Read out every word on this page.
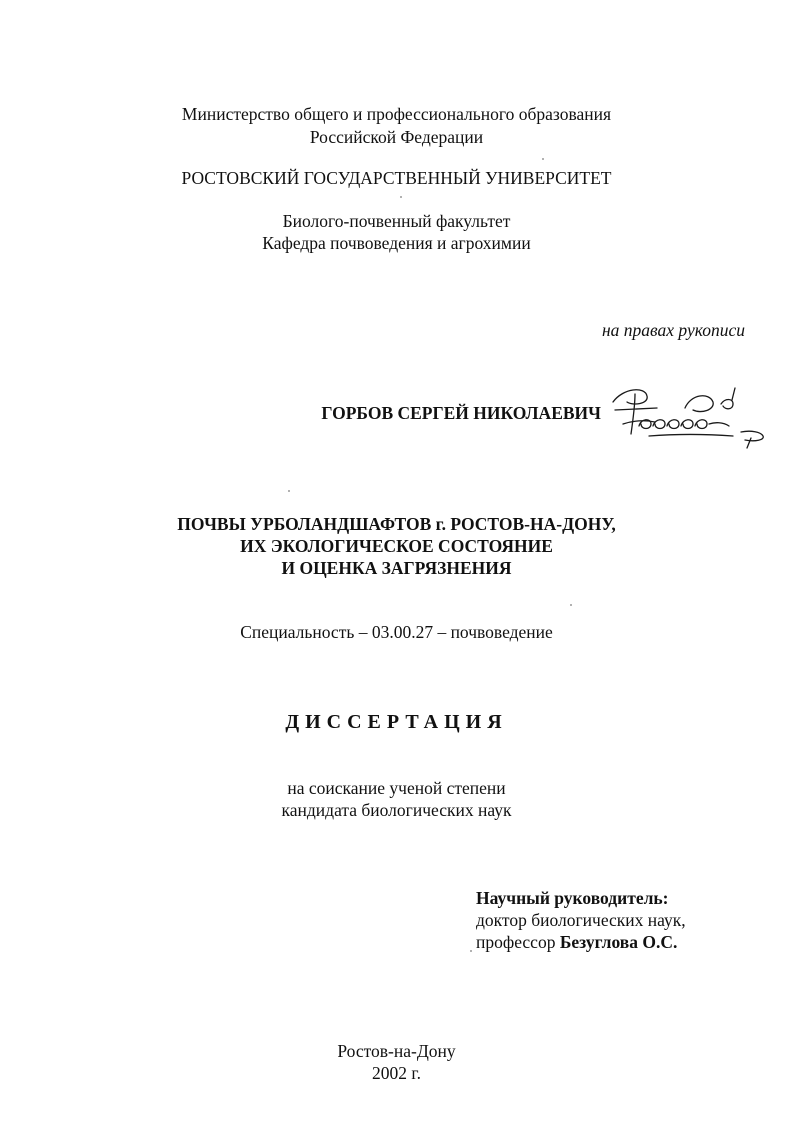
Министерство общего и профессионального образования
Российской Федерации
РОСТОВСКИЙ ГОСУДАРСТВЕННЫЙ УНИВЕРСИТЕТ
Биолого-почвенный факультет
Кафедра почвоведения и агрохимии
на правах рукописи
ГОРБОВ СЕРГЕЙ НИКОЛАЕВИЧ
ПОЧВЫ УРБОЛАНДШАФТОВ г. РОСТОВ-НА-ДОНУ,
ИХ ЭКОЛОГИЧЕСКОЕ СОСТОЯНИЕ
И ОЦЕНКА ЗАГРЯЗНЕНИЯ
Специальность – 03.00.27 – почвоведение
ДИССЕРТАЦИЯ
на соискание ученой степени
кандидата биологических наук
Научный руководитель:
доктор биологических наук,
профессор Безуглова О.С.
Ростов-на-Дону
2002 г.
